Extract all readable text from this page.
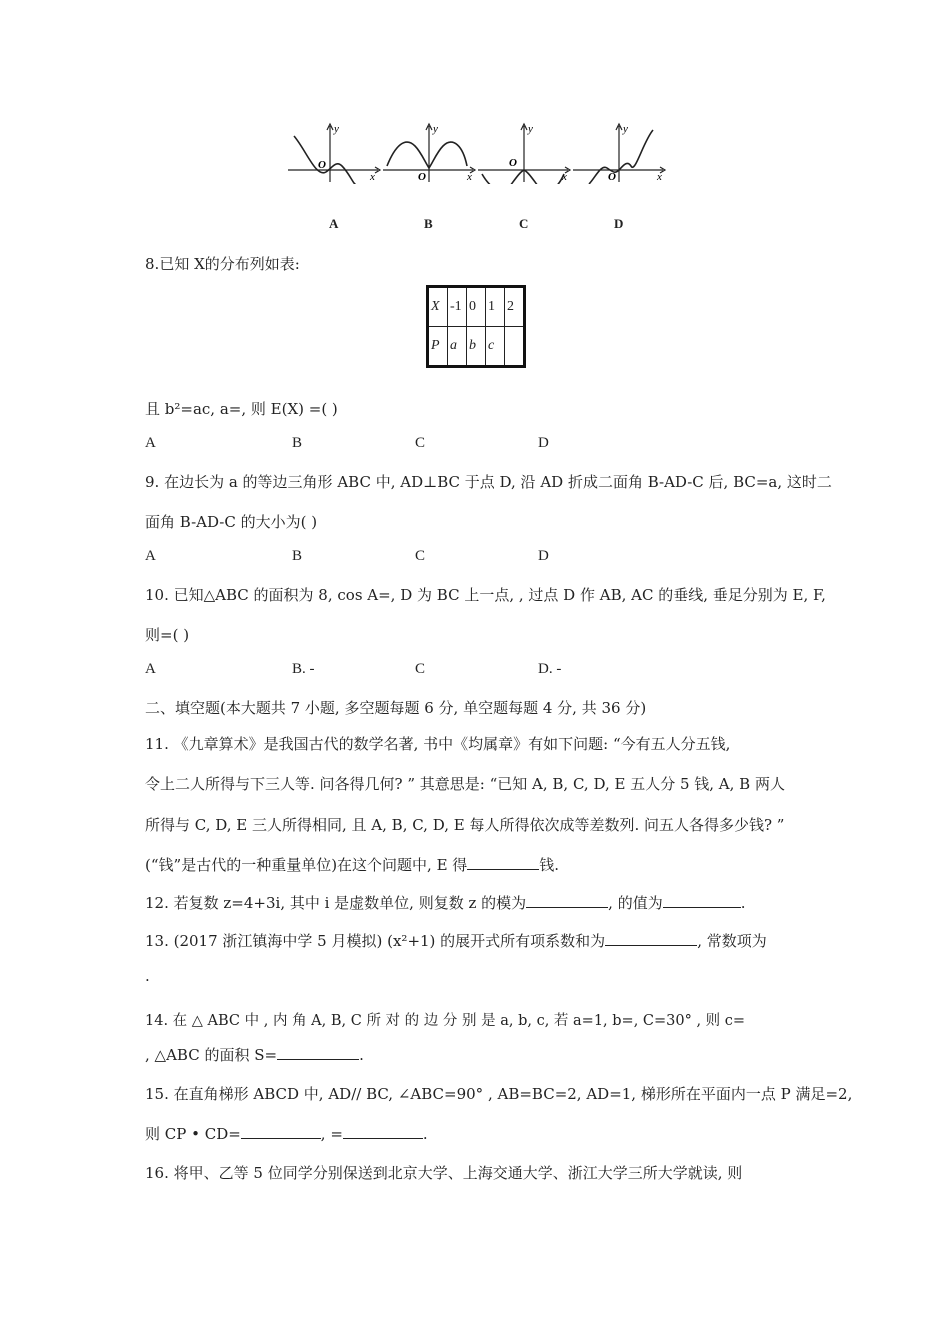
y
O
x
y
O	x
y
O
x
y
O	x
A	B	C	D
8.已知 X的分布列如表:
X	-1	0	1	2
P	a	b	c	
且 b²=ac, a=, 则 E(X) =( )
A	B	C	D
9. 在边长为 a 的等边三角形 ABC 中, AD⊥BC 于点 D, 沿 AD 折成二面角 B-AD-C 后, BC=a, 这时二
面角 B-AD-C 的大小为( )
A	B	C	D
10. 已知△ABC 的面积为 8, cos A=, D 为 BC 上一点, , 过点 D 作 AB, AC 的垂线, 垂足分别为 E, F,
则=( )
A	B. -	C	D. -
二、填空题(本大题共 7 小题, 多空题每题 6 分, 单空题每题 4 分, 共 36 分)
11. 《九章算术》是我国古代的数学名著, 书中《均属章》有如下问题: “今有五人分五钱,
令上二人所得与下三人等. 问各得几何? ” 其意思是: “已知 A, B, C, D, E 五人分 5 钱, A, B 两人
所得与 C, D, E 三人所得相同, 且 A, B, C, D, E 每人所得依次成等差数列. 问五人各得多少钱? ”
(“钱”是古代的一种重量单位)在这个问题中, E 得	钱.
12. 若复数 z=4+3i, 其中 i 是虚数单位, 则复数 z 的模为	, 的值为	.
13. (2017 浙江镇海中学 5 月模拟) (x²+1) 的展开式所有项系数和为	, 常数项为
.
14. 在 △ ABC 中 , 内 角 A, B, C 所 对 的 边 分 别 是 a, b, c, 若 a=1, b=, C=30° , 则 c=
, △ABC 的面积 S=	.
15. 在直角梯形 ABCD 中, AD// BC, ∠ABC=90° , AB=BC=2, AD=1, 梯形所在平面内一点 P 满足=2,
则 CP • CD=	, =	.
16. 将甲、乙等 5 位同学分别保送到北京大学、上海交通大学、浙江大学三所大学就读, 则
